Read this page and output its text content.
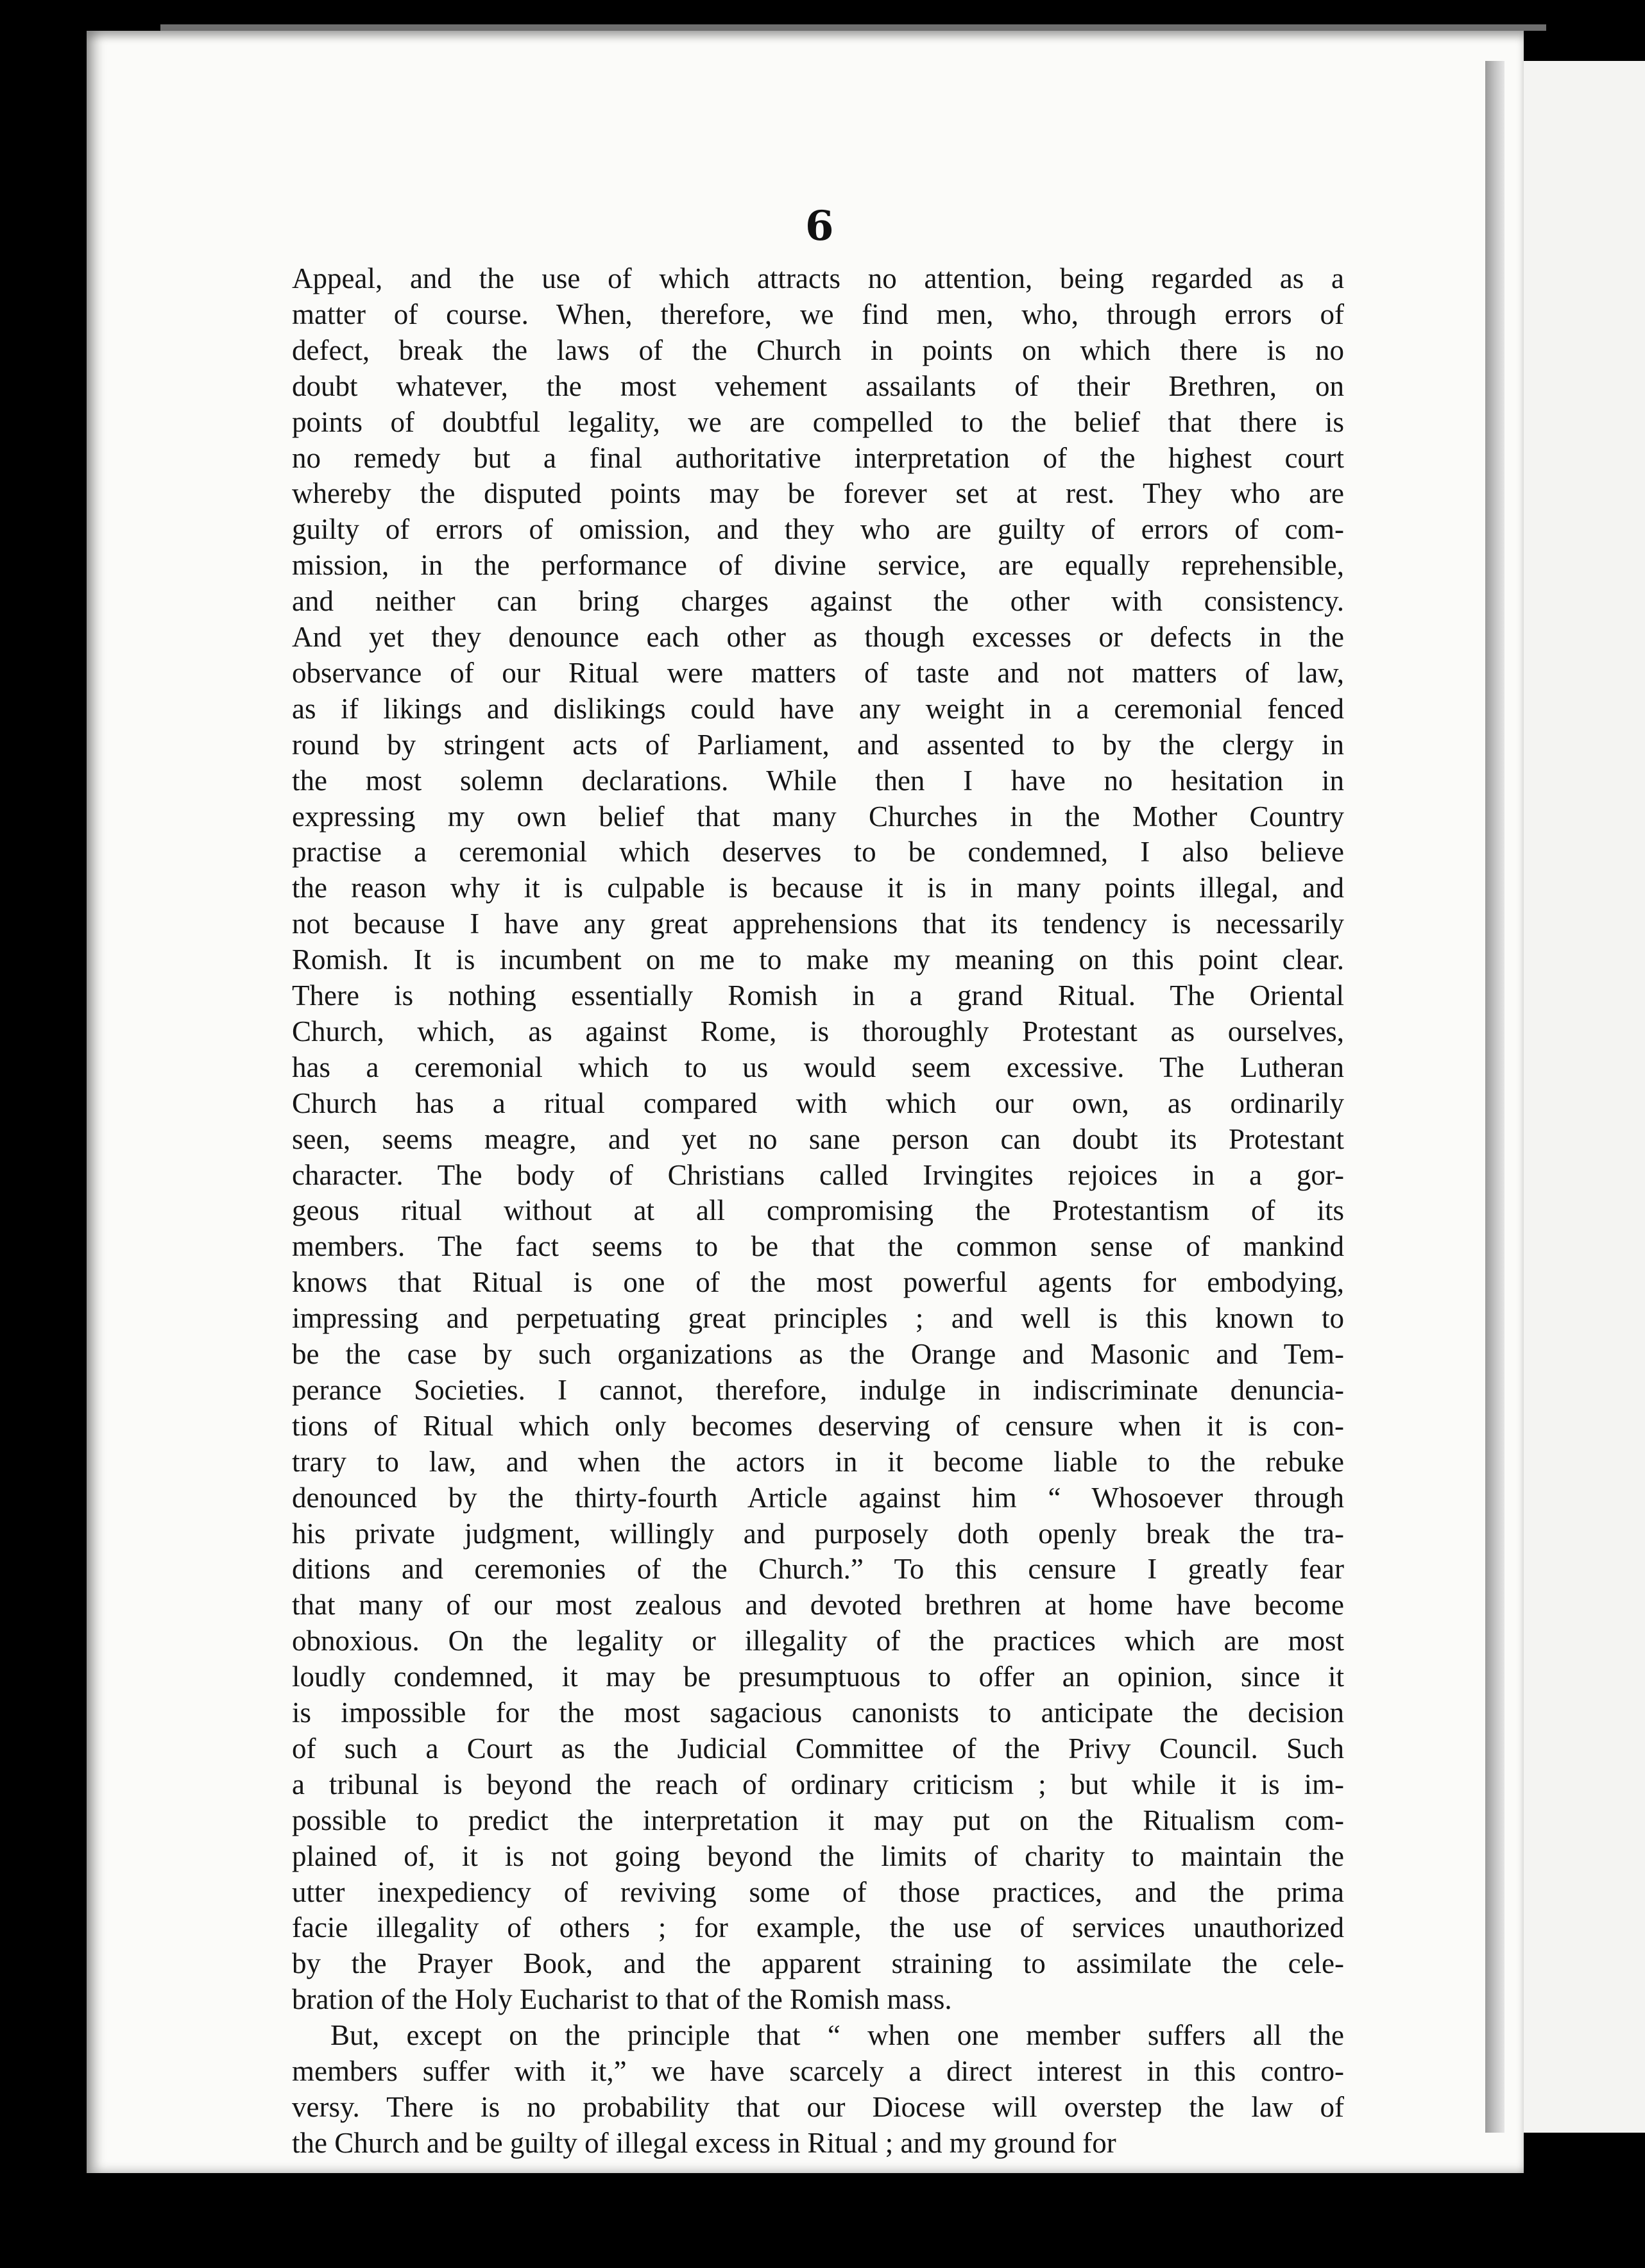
6
Appeal, and the use of which attracts no attention, being regarded as a
matter of course. When, therefore, we find men, who, through errors of
defect, break the laws of the Church in points on which there is no
doubt whatever, the most vehement assailants of their Brethren, on
points of doubtful legality, we are compelled to the belief that there is
no remedy but a final authoritative interpretation of the highest court
whereby the disputed points may be forever set at rest. They who are
guilty of errors of omission, and they who are guilty of errors of com-
mission, in the performance of divine service, are equally reprehensible,
and neither can bring charges against the other with consistency.
And yet they denounce each other as though excesses or defects in the
observance of our Ritual were matters of taste and not matters of law,
as if likings and dislikings could have any weight in a ceremonial fenced
round by stringent acts of Parliament, and assented to by the clergy in
the most solemn declarations. While then I have no hesitation in
expressing my own belief that many Churches in the Mother Country
practise a ceremonial which deserves to be condemned, I also believe
the reason why it is culpable is because it is in many points illegal, and
not because I have any great apprehensions that its tendency is necessarily
Romish. It is incumbent on me to make my meaning on this point clear.
There is nothing essentially Romish in a grand Ritual. The Oriental
Church, which, as against Rome, is thoroughly Protestant as ourselves,
has a ceremonial which to us would seem excessive. The Lutheran
Church has a ritual compared with which our own, as ordinarily
seen, seems meagre, and yet no sane person can doubt its Protestant
character. The body of Christians called Irvingites rejoices in a gor-
geous ritual without at all compromising the Protestantism of its
members. The fact seems to be that the common sense of mankind
knows that Ritual is one of the most powerful agents for embodying,
impressing and perpetuating great principles ; and well is this known to
be the case by such organizations as the Orange and Masonic and Tem-
perance Societies. I cannot, therefore, indulge in indiscriminate denuncia-
tions of Ritual which only becomes deserving of censure when it is con-
trary to law, and when the actors in it become liable to the rebuke
denounced by the thirty-fourth Article against him “ Whosoever through
his private judgment, willingly and purposely doth openly break the tra-
ditions and ceremonies of the Church.” To this censure I greatly fear
that many of our most zealous and devoted brethren at home have become
obnoxious. On the legality or illegality of the practices which are most
loudly condemned, it may be presumptuous to offer an opinion, since it
is impossible for the most sagacious canonists to anticipate the decision
of such a Court as the Judicial Committee of the Privy Council. Such
a tribunal is beyond the reach of ordinary criticism ; but while it is im-
possible to predict the interpretation it may put on the Ritualism com-
plained of, it is not going beyond the limits of charity to maintain the
utter inexpediency of reviving some of those practices, and the prima
facie illegality of others ; for example, the use of services unauthorized
by the Prayer Book, and the apparent straining to assimilate the cele-
bration of the Holy Eucharist to that of the Romish mass.
But, except on the principle that “ when one member suffers all the
members suffer with it,” we have scarcely a direct interest in this contro-
versy. There is no probability that our Diocese will overstep the law of
the Church and be guilty of illegal excess in Ritual ; and my ground for
